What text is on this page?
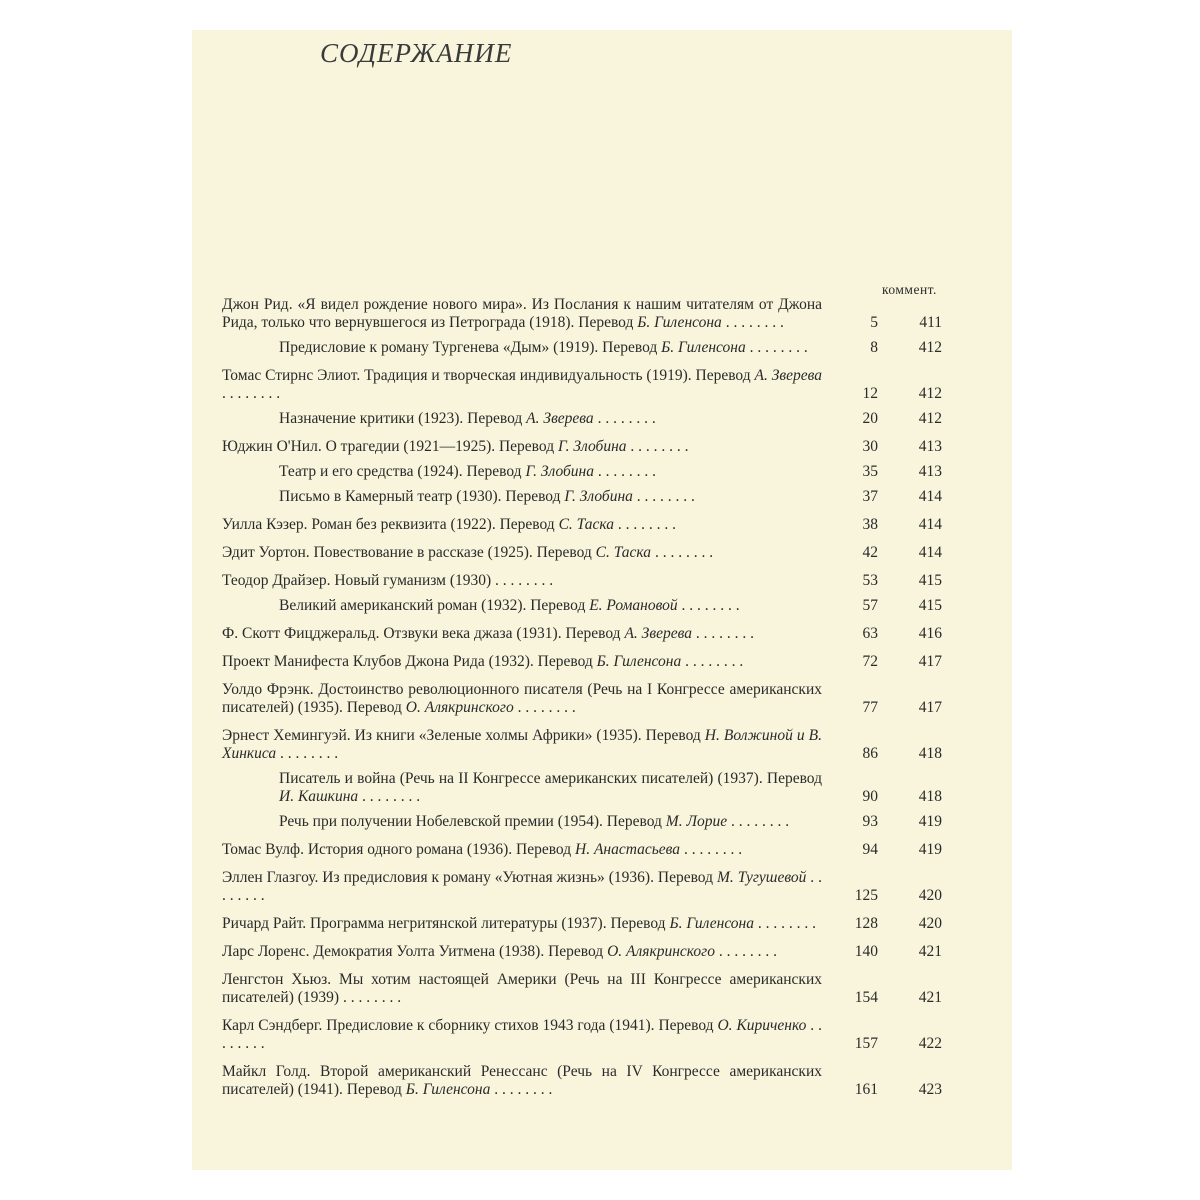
СОДЕРЖАНИЕ
коммент.
Джон Рид. «Я видел рождение нового мира». Из Послания к нашим читателям от Джона Рида, только что вернувшегося из Петрограда (1918). Перевод Б. Гиленсона . . . . . . . .	5	411
Предисловие к роману Тургенева «Дым» (1919). Перевод Б. Гиленсона . . . . . . . .	8	412
Томас Стирнс Элиот. Традиция и творческая индивидуальность (1919). Перевод А. Зверева . . . . . . . .	12	412
Назначение критики (1923). Перевод А. Зверева . . . . . . . .	20	412
Юджин О'Нил. О трагедии (1921—1925). Перевод Г. Злобина . . . . . . . .	30	413
Театр и его средства (1924). Перевод Г. Злобина . . . . . . . .	35	413
Письмо в Камерный театр (1930). Перевод Г. Злобина . . . . . . . .	37	414
Уилла Кэзер. Роман без реквизита (1922). Перевод С. Таска . . . . . . . .	38	414
Эдит Уортон. Повествование в рассказе (1925). Перевод С. Таска . . . . . . . .	42	414
Теодор Драйзер. Новый гуманизм (1930) . . . . . . . .	53	415
Великий американский роман (1932). Перевод Е. Романовой . . . . . . . .	57	415
Ф. Скотт Фицджеральд. Отзвуки века джаза (1931). Перевод А. Зверева . . . . . . . .	63	416
Проект Манифеста Клубов Джона Рида (1932). Перевод Б. Гиленсона . . . . . . . .	72	417
Уолдо Фрэнк. Достоинство революционного писателя (Речь на I Конгрессе американских писателей) (1935). Перевод О. Алякринского . . . . . . . .	77	417
Эрнест Хемингуэй. Из книги «Зеленые холмы Африки» (1935). Перевод Н. Волжиной и В. Хинкиса . . . . . . . .	86	418
Писатель и война (Речь на II Конгрессе американских писателей) (1937). Перевод И. Кашкина . . . . . . . .	90	418
Речь при получении Нобелевской премии (1954). Перевод М. Лорие . . . . . . . .	93	419
Томас Вулф. История одного романа (1936). Перевод Н. Анастасьева . . . . . . . .	94	419
Эллен Глазгоу. Из предисловия к роману «Уютная жизнь» (1936). Перевод М. Тугушевой . . . . . . . .	125	420
Ричард Райт. Программа негритянской литературы (1937). Перевод Б. Гиленсона . . . . . . . .	128	420
Ларс Лоренс. Демократия Уолта Уитмена (1938). Перевод О. Алякринского . . . . . . . .	140	421
Ленгстон Хьюз. Мы хотим настоящей Америки (Речь на III Конгрессе американских писателей) (1939) . . . . . . . .	154	421
Карл Сэндберг. Предисловие к сборнику стихов 1943 года (1941). Перевод О. Кириченко . . . . . . . .	157	422
Майкл Голд. Второй американский Ренессанс (Речь на IV Конгрессе американских писателей) (1941). Перевод Б. Гиленсона . . . . . . . .	161	423
